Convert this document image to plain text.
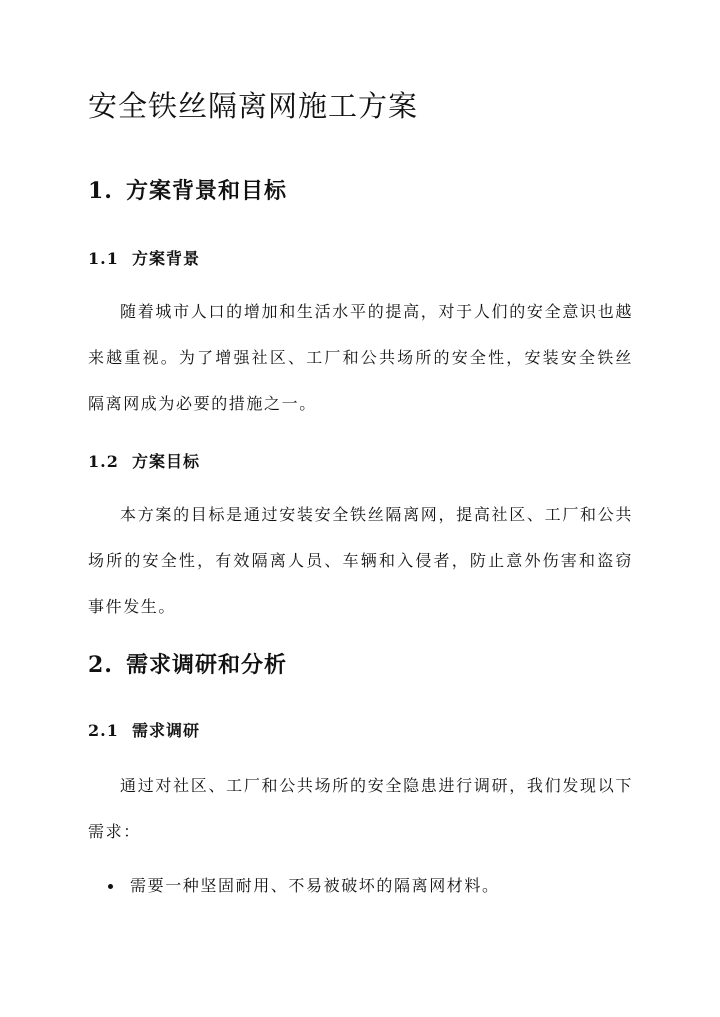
安全铁丝隔离网施工方案
1. 方案背景和目标
1.1 方案背景

随着城市人口的增加和生活水平的提高，对于人们的安全意识也越来越重视。为了增强社区、工厂和公共场所的安全性，安装安全铁丝隔离网成为必要的措施之一。

1.2 方案目标

本方案的目标是通过安装安全铁丝隔离网，提高社区、工厂和公共场所的安全性，有效隔离人员、车辆和入侵者，防止意外伤害和盗窃事件发生。

2. 需求调研和分析
2.1 需求调研

通过对社区、工厂和公共场所的安全隐患进行调研，我们发现以下需求：

需要一种坚固耐用、不易被破坏的隔离网材料。
